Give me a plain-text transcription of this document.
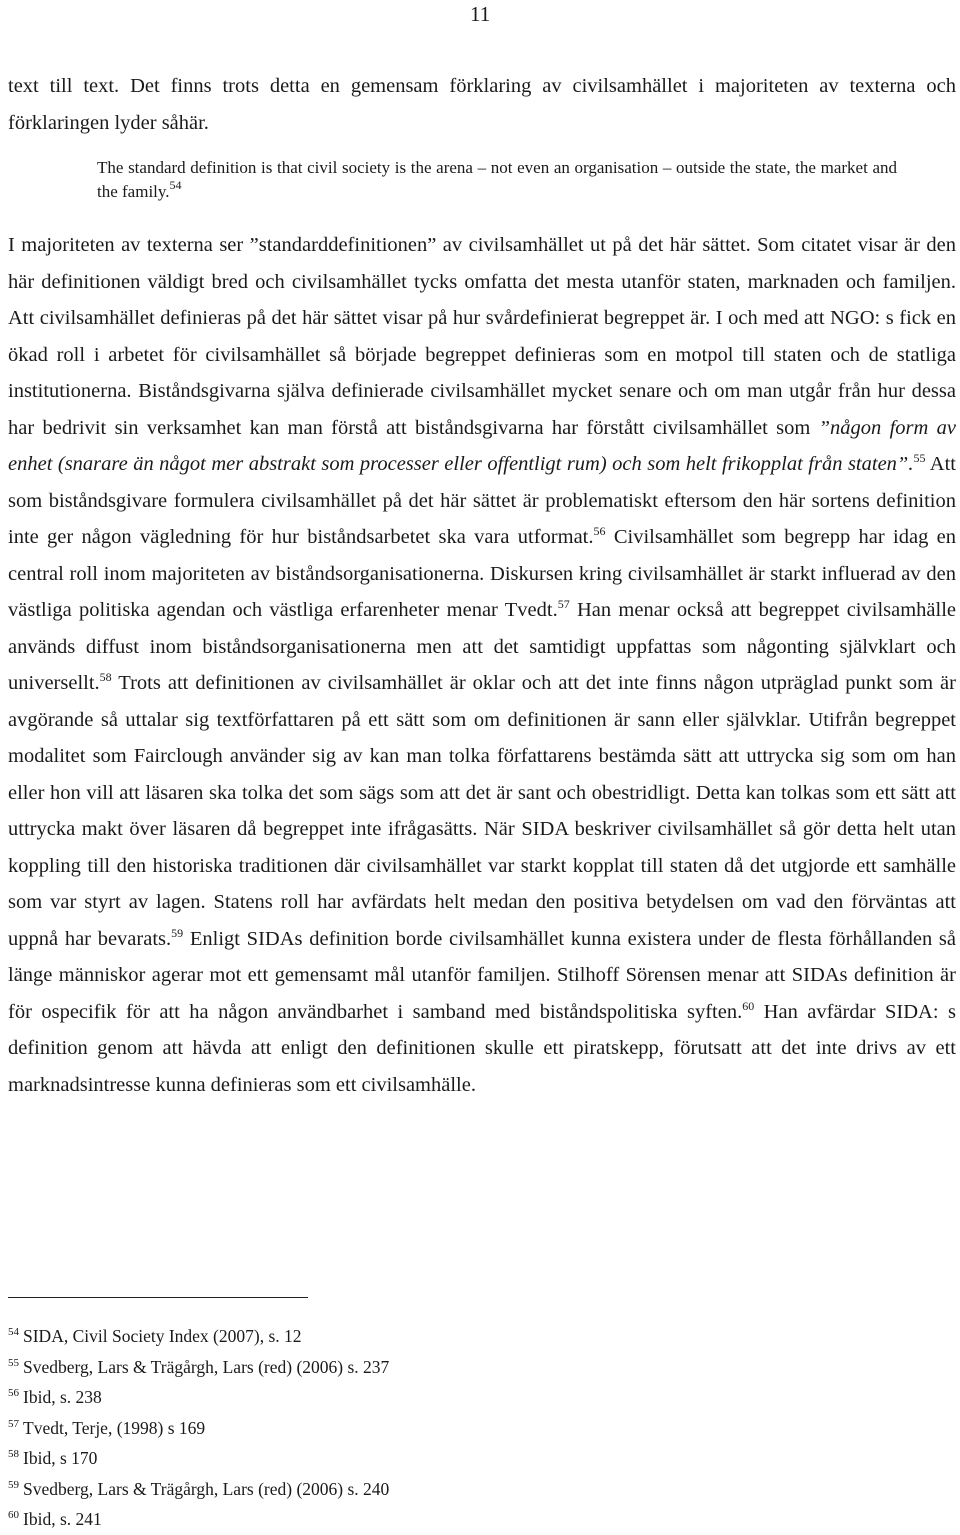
11

text till text. Det finns trots detta en gemensam förklaring av civilsamhället i majoriteten av texterna och förklaringen lyder såhär.

The standard definition is that civil society is the arena – not even an organisation – outside the state, the market and the family.$^{54}$

I majoriteten av texterna ser ”standarddefinitionen” av civilsamhället ut på det här sättet. Som citatet visar är den här definitionen väldigt bred och civilsamhället tycks omfatta det mesta utanför staten, marknaden och familjen. Att civilsamhället definieras på det här sättet visar på hur svårdefinierat begreppet är. I och med att NGO: s fick en ökad roll i arbetet för civilsamhället så började begreppet definieras som en motpol till staten och de statliga institutionerna. Biståndsgivarna själva definierade civilsamhället mycket senare och om man utgår från hur dessa har bedrivit sin verksamhet kan man förstå att biståndsgivarna har förstått civilsamhället som ”någon form av enhet (snarare än något mer abstrakt som processer eller offentligt rum) och som helt frikopplat från staten”.$^{55}$ Att som biståndsgivare formulera civilsamhället på det här sättet är problematiskt eftersom den här sortens definition inte ger någon vägledning för hur biståndsarbetet ska vara utformat.$^{56}$ Civilsamhället som begrepp har idag en central roll inom majoriteten av biståndsorganisationerna. Diskursen kring civilsamhället är starkt influerad av den västliga politiska agendan och västliga erfarenheter menar Tvedt.$^{57}$ Han menar också att begreppet civilsamhälle används diffust inom biståndsorganisationerna men att det samtidigt uppfattas som någonting självklart och universellt.$^{58}$ Trots att definitionen av civilsamhället är oklar och att det inte finns någon utpräglad punkt som är avgörande så uttalar sig textförfattaren på ett sätt som om definitionen är sann eller självklar. Utifrån begreppet modalitet som Fairclough använder sig av kan man tolka författarens bestämda sätt att uttrycka sig som om han eller hon vill att läsaren ska tolka det som sägs som att det är sant och obestridligt. Detta kan tolkas som ett sätt att uttrycka makt över läsaren då begreppet inte ifrågasätts. När SIDA beskriver civilsamhället så gör detta helt utan koppling till den historiska traditionen där civilsamhället var starkt kopplat till staten då det utgjorde ett samhälle som var styrt av lagen. Statens roll har avfärdats helt medan den positiva betydelsen om vad den förväntas att uppnå har bevarats.$^{59}$ Enligt SIDAs definition borde civilsamhället kunna existera under de flesta förhållanden så länge människor agerar mot ett gemensamt mål utanför familjen. Stilhoff Sörensen menar att SIDAs definition är för ospecifik för att ha någon användbarhet i samband med biståndspolitiska syften.$^{60}$ Han avfärdar SIDA: s definition genom att hävda att enligt den definitionen skulle ett piratskepp, förutsatt att det inte drivs av ett marknadsintresse kunna definieras som ett civilsamhälle.

$^{54}$ SIDA, Civil Society Index (2007), s. 12
$^{55}$ Svedberg, Lars & Trägårgh, Lars (red) (2006) s. 237
$^{56}$ Ibid, s. 238
$^{57}$ Tvedt, Terje, (1998) s 169
$^{58}$ Ibid, s 170
$^{59}$ Svedberg, Lars & Trägårgh, Lars (red) (2006) s. 240
$^{60}$ Ibid, s. 241
